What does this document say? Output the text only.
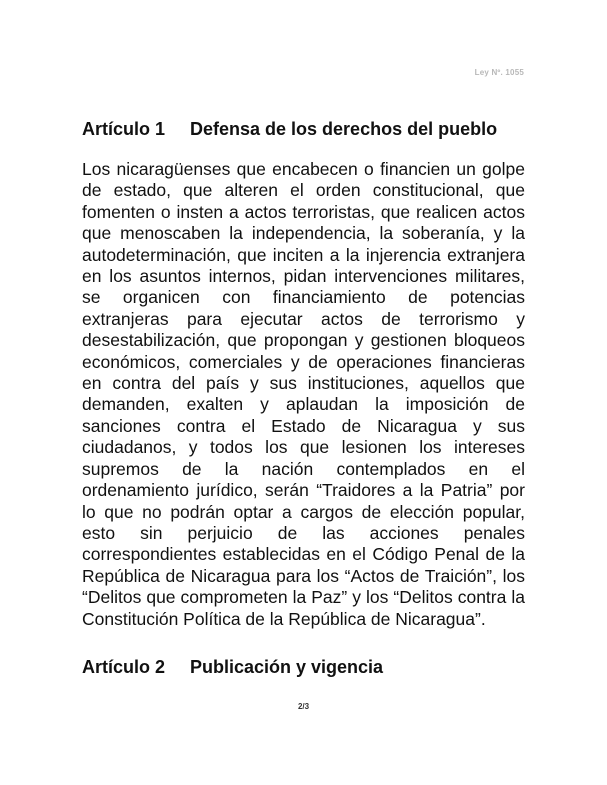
Ley Nº. 1055
Artículo 1 Defensa de los derechos del pueblo
Los nicaragüenses que encabecen o financien un golpe de estado, que alteren el orden constitucional, que fomenten o insten a actos terroristas, que realicen actos que menoscaben la independencia, la soberanía, y la autodeterminación, que inciten a la injerencia extranjera en los asuntos internos, pidan intervenciones militares, se organicen con financiamiento de potencias extranjeras para ejecutar actos de terrorismo y desestabilización, que propongan y gestionen bloqueos económicos, comerciales y de operaciones financieras en contra del país y sus instituciones, aquellos que demanden, exalten y aplaudan la imposición de sanciones contra el Estado de Nicaragua y sus ciudadanos, y todos los que lesionen los intereses supremos de la nación contemplados en el ordenamiento jurídico, serán “Traidores a la Patria” por lo que no podrán optar a cargos de elección popular, esto sin perjuicio de las acciones penales correspondientes establecidas en el Código Penal de la República de Nicaragua para los “Actos de Traición”, los “Delitos que comprometen la Paz” y los “Delitos contra la Constitución Política de la República de Nicaragua”.
Artículo 2 Publicación y vigencia
2/3
